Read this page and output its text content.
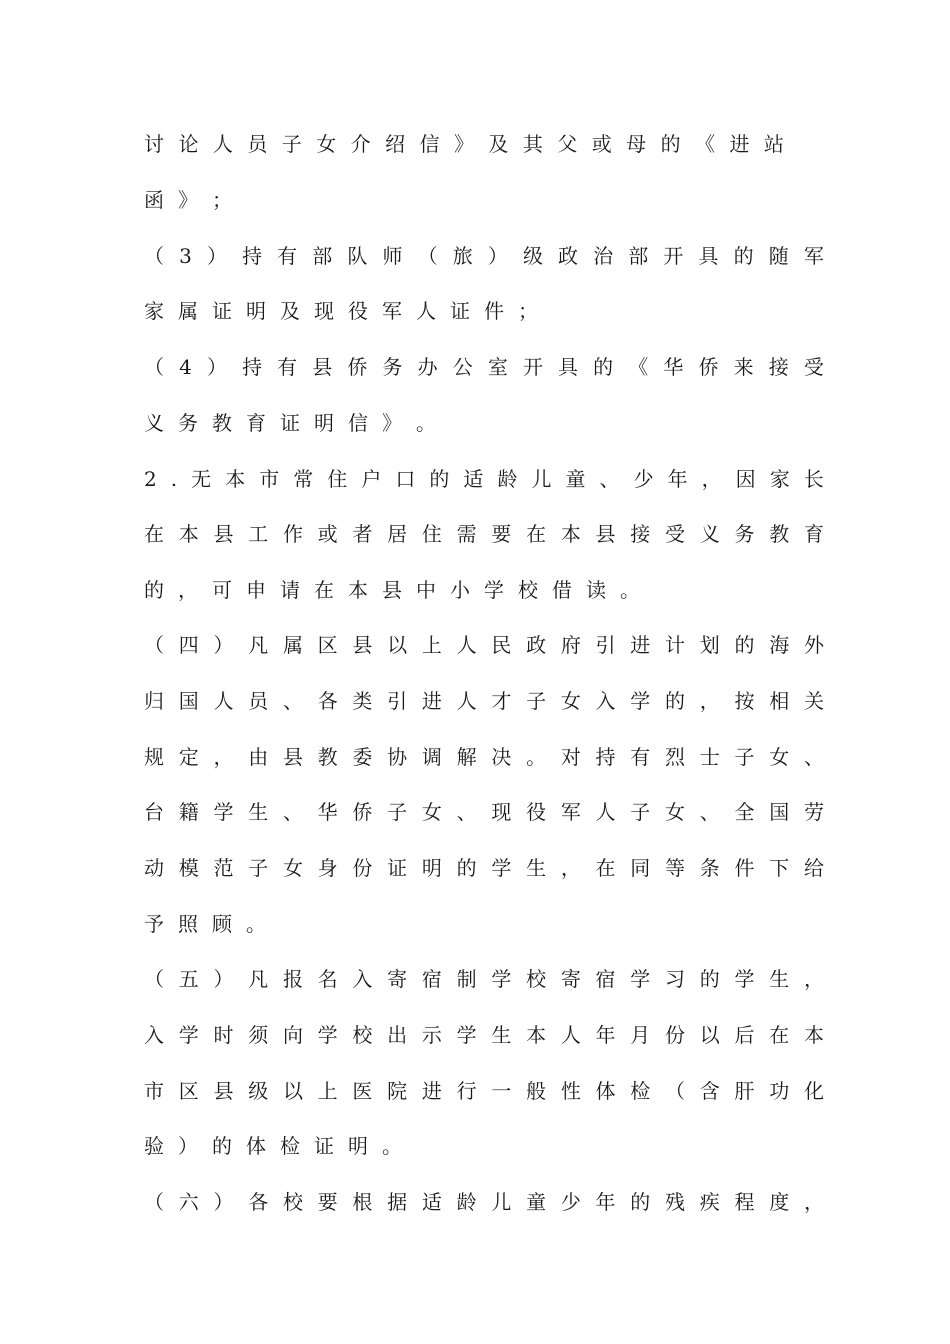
讨 论 人 员 子 女 介 绍 信 》 及 其 父 或 母 的 《 进 站
函 》 ；
（ 3 ） 持 有 部 队 师 （ 旅 ） 级 政 治 部 开 具 的 随 军
家 属 证 明 及 现 役 军 人 证 件 ；
（ 4 ） 持 有 县 侨 务 办 公 室 开 具 的 《 华 侨 来 接 受
义 务 教 育 证 明 信 》 。
2 . 无 本 市 常 住 户 口 的 适 龄 儿 童 、 少 年 ， 因 家 长
在 本 县 工 作 或 者 居 住 需 要 在 本 县 接 受 义 务 教 育
的 ， 可 申 请 在 本 县 中 小 学 校 借 读 。
（ 四 ） 凡 属 区 县 以 上 人 民 政 府 引 进 计 划 的 海 外
归 国 人 员 、 各 类 引 进 人 才 子 女 入 学 的 ， 按 相 关
规 定 ， 由 县 教 委 协 调 解 决 。 对 持 有 烈 士 子 女 、
台 籍 学 生 、 华 侨 子 女 、 现 役 军 人 子 女 、 全 国 劳
动 模 范 子 女 身 份 证 明 的 学 生 ， 在 同 等 条 件 下 给
予 照 顾 。
（ 五 ） 凡 报 名 入 寄 宿 制 学 校 寄 宿 学 习 的 学 生 ，
入 学 时 须 向 学 校 出 示 学 生 本 人 年 月 份 以 后 在 本
市 区 县 级 以 上 医 院 进 行 一 般 性 体 检 （ 含 肝 功 化
验 ） 的 体 检 证 明 。
（ 六 ） 各 校 要 根 据 适 龄 儿 童 少 年 的 残 疾 程 度 ，
